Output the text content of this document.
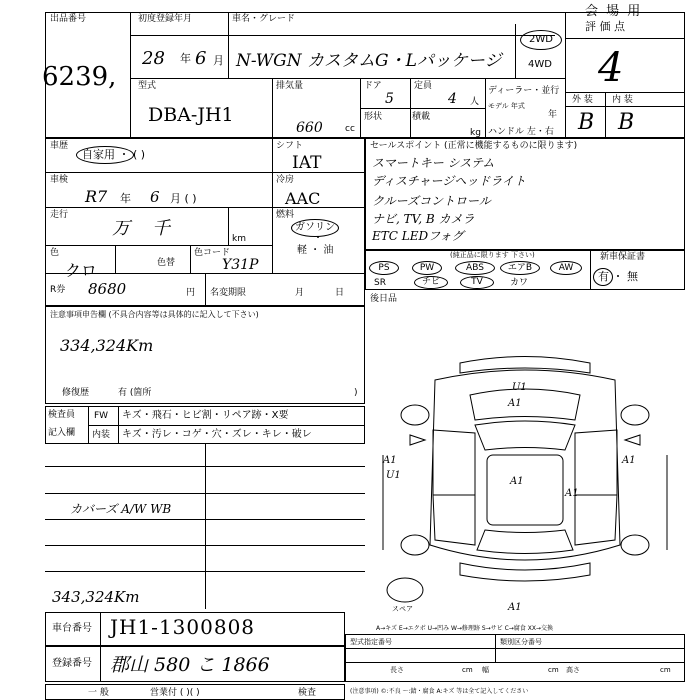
会 場 用
出品番号
6239,
初度登録年月	車名・グレード
28 年 6 月 N-WGN カスタムG・Lパッケージ
2WD
4WD
評 価 点
4
外 装 内 装
B B
型式
DBA-JH1
排気量
660 cc
ドア
5
定員
4 人
形状	積載
kg
ディーラー・並行
モデル 年式
年
ハンドル 左・右
車歴
自家用 ・ ( )
シフト
IAT
車検
R7 年 6 月 ( )
冷房
AAC
走行
万 千	km
燃料
ガソリン
軽 ・ 油
・
色
クロ	色替
色コード
Y31P
R券 8680	円 名変期限	月	日
注意事項申告欄 (不具合内容等は具体的に記入して下さい)
334,324Km
修復歴	有 (箇所	)
セールスポイント (正常に機能するものに限ります)
スマートキー システム
ディスチャージヘッドライト
クルーズコントロール
ナビ, TV, B カメラ
ETC LEDフォグ
(純正品に限ります 下さい)	新車保証書
有 ・ 無
PS	PW	ABS	エアB	AW
SR	チビ	TV	カワ
後日品
検査員
記入欄
FW キズ・飛石・ヒビ割・リペア跡・X要
内装 キズ・汚レ・コゲ・穴・ズレ・キレ・破レ
カバーズ A/W WB
343,324Km
U1
A1
A1
A1
U1
A1
A1
A1
スペア
A→キズ E→エクボ U→凹み W→修理跡 S→サビ C→腐食 XX→交換
車台番号 JH1-1300808
登録番号 郡山 580 こ 1866
型式指定番号	類別区分番号
長さ	cm 幅	cm 高さ	cm
一 般	営業付 ( )( )	検査	(注意事項) ©:不良 〜:錆・腐食 A:キズ 等は全て記入してください
